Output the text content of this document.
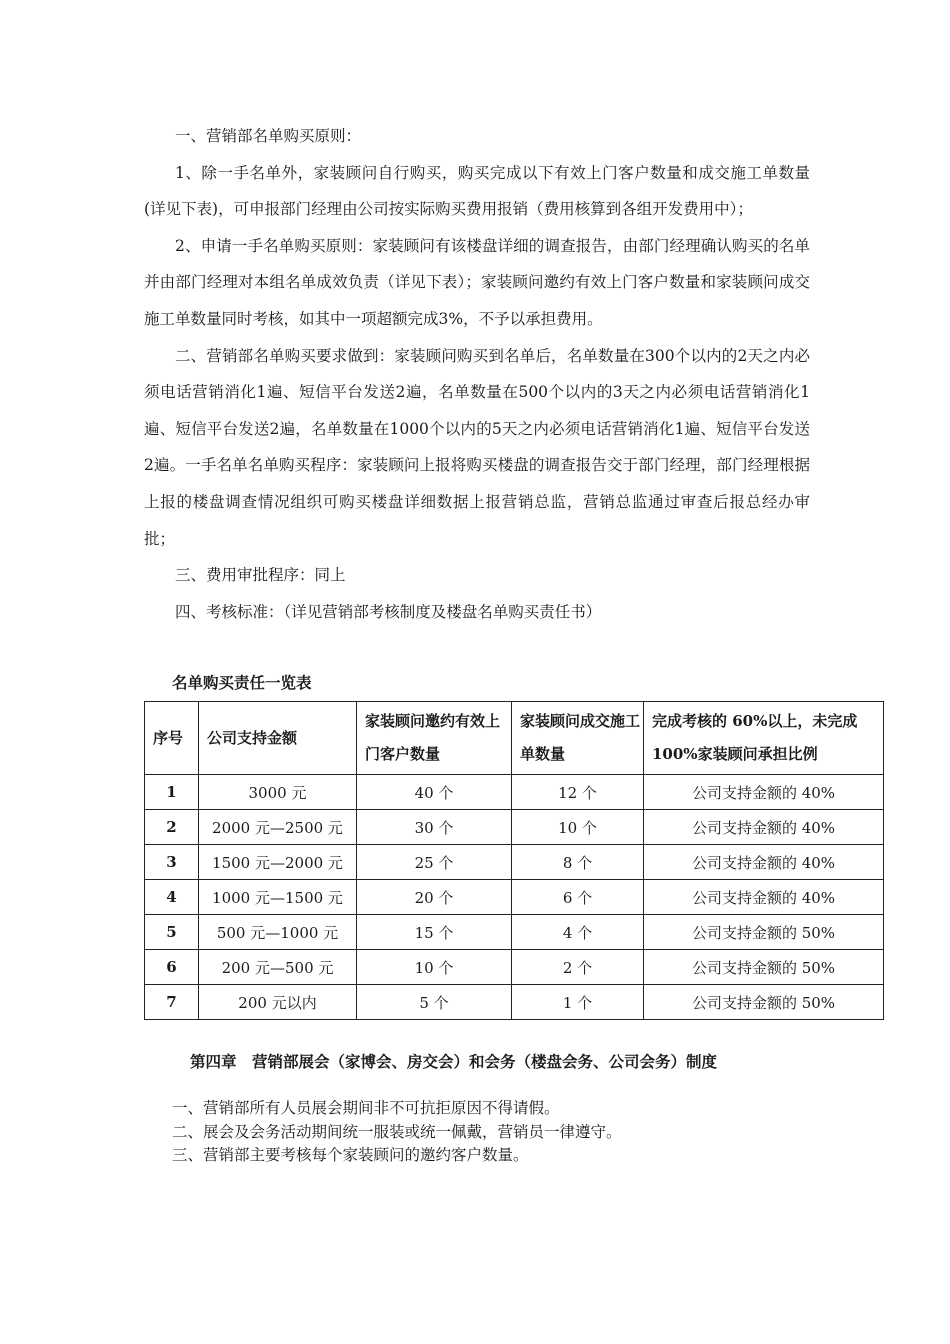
一、营销部名单购买原则：

1、除一手名单外，家装顾问自行购买，购买完成以下有效上门客户数量和成交施工单数量(详见下表)，可申报部门经理由公司按实际购买费用报销（费用核算到各组开发费用中）；

2、申请一手名单购买原则：家装顾问有该楼盘详细的调查报告，由部门经理确认购买的名单并由部门经理对本组名单成效负责（详见下表）；家装顾问邀约有效上门客户数量和家装顾问成交施工单数量同时考核，如其中一项超额完成3%，不予以承担费用。

二、营销部名单购买要求做到：家装顾问购买到名单后，名单数量在300个以内的2天之内必须电话营销消化1遍、短信平台发送2遍，名单数量在500个以内的3天之内必须电话营销消化1遍、短信平台发送2遍，名单数量在1000个以内的5天之内必须电话营销消化1遍、短信平台发送2遍。一手名单名单购买程序：家装顾问上报将购买楼盘的调查报告交于部门经理，部门经理根据上报的楼盘调查情况组织可购买楼盘详细数据上报营销总监，营销总监通过审查后报总经办审批；

三、费用审批程序：同上

四、考核标准：（详见营销部考核制度及楼盘名单购买责任书）

名单购买责任一览表
序号	公司支持金额	家装顾问邀约有效上门客户数量	家装顾问成交施工单数量	完成考核的 60%以上，未完成100%家装顾问承担比例
1	3000 元	40 个	12 个	公司支持金额的 40%
2	2000 元—2500 元	30 个	10 个	公司支持金额的 40%
3	1500 元—2000 元	25 个	8 个	公司支持金额的 40%
4	1000 元—1500 元	20 个	6 个	公司支持金额的 40%
5	500 元—1000 元	15 个	4 个	公司支持金额的 50%
6	200 元—500 元	10 个	2 个	公司支持金额的 50%
7	200 元以内	5 个	1 个	公司支持金额的 50%
第四章　营销部展会（家博会、房交会）和会务（楼盘会务、公司会务）制度

一、营销部所有人员展会期间非不可抗拒原因不得请假。

二、展会及会务活动期间统一服装或统一佩戴，营销员一律遵守。

三、营销部主要考核每个家装顾问的邀约客户数量。
